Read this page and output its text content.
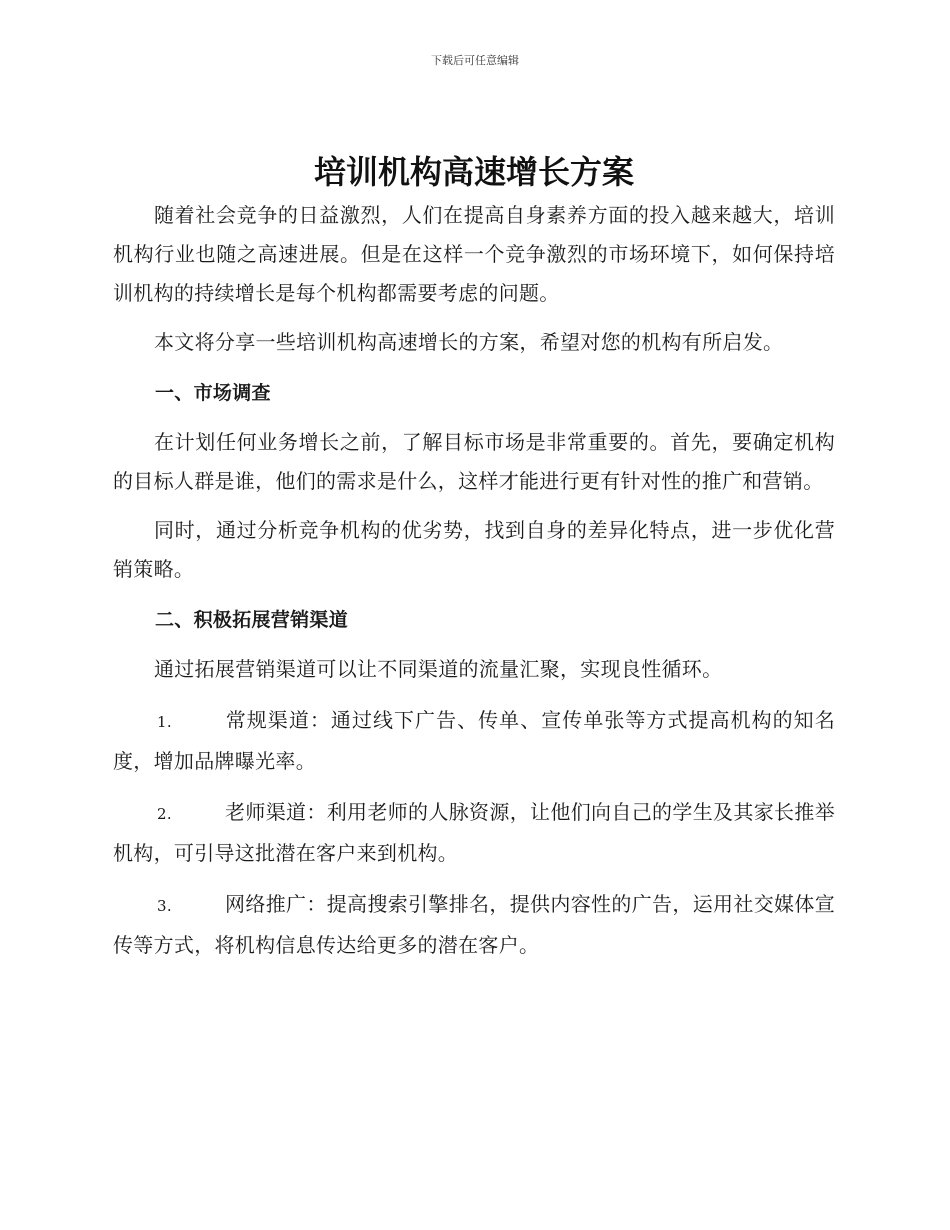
下载后可任意编辑
培训机构高速增长方案

随着社会竞争的日益激烈，人们在提高自身素养方面的投入越来越大，培训机构行业也随之高速进展。但是在这样一个竞争激烈的市场环境下，如何保持培训机构的持续增长是每个机构都需要考虑的问题。

本文将分享一些培训机构高速增长的方案，希望对您的机构有所启发。

一、市场调查

在计划任何业务增长之前，了解目标市场是非常重要的。首先，要确定机构的目标人群是谁，他们的需求是什么，这样才能进行更有针对性的推广和营销。

同时，通过分析竞争机构的优劣势，找到自身的差异化特点，进一步优化营销策略。

二、积极拓展营销渠道

通过拓展营销渠道可以让不同渠道的流量汇聚，实现良性循环。

1.	常规渠道：通过线下广告、传单、宣传单张等方式提高机构的知名度，增加品牌曝光率。

2.	老师渠道：利用老师的人脉资源，让他们向自己的学生及其家长推举机构，可引导这批潜在客户来到机构。

3.	网络推广：提高搜索引擎排名，提供内容性的广告，运用社交媒体宣传等方式，将机构信息传达给更多的潜在客户。
